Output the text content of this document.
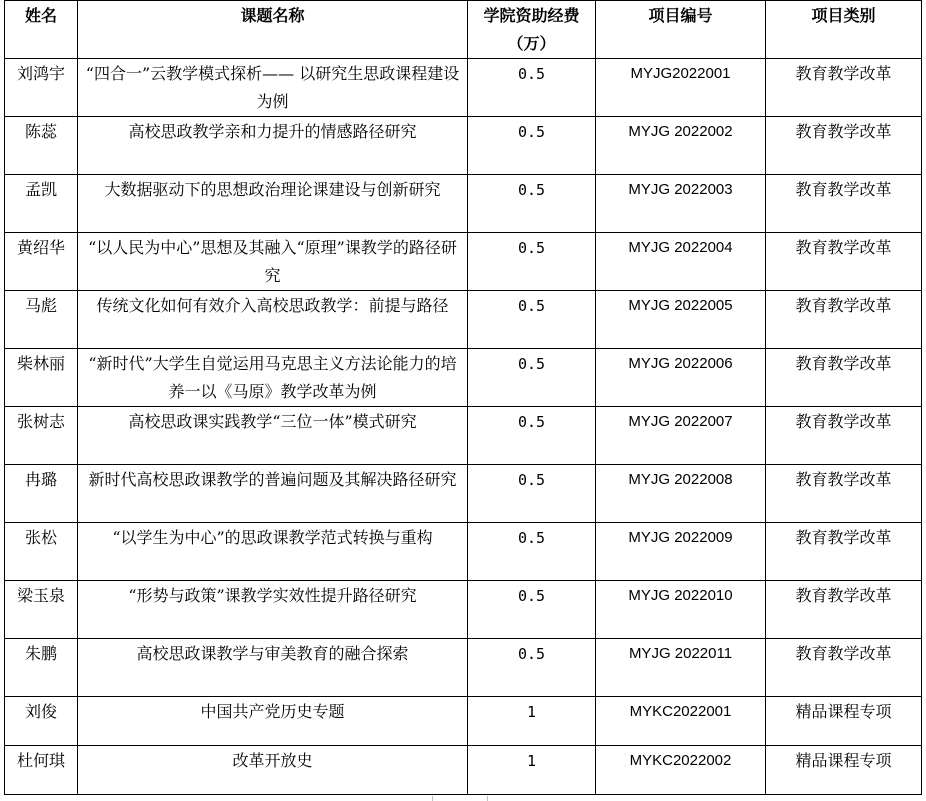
姓名	课题名称	学院资助经费（万）	项目编号	项目类别

刘鸿宇	“四合一”云教学模式探析—— 以研究生思政课程建设为例	0.5	MYJG2022001	教育教学改革

陈蕊	高校思政教学亲和力提升的情感路径研究	0.5	MYJG 2022002	教育教学改革

孟凯	大数据驱动下的思想政治理论课建设与创新研究	0.5	MYJG 2022003	教育教学改革

黄绍华	“以人民为中心”思想及其融入“原理”课教学的路径研究	0.5	MYJG 2022004	教育教学改革

马彪	传统文化如何有效介入高校思政教学：前提与路径	0.5	MYJG 2022005	教育教学改革

柴林丽	“新时代”大学生自觉运用马克思主义方法论能力的培养一以《马原》教学改革为例	0.5	MYJG 2022006	教育教学改革

张树志	高校思政课实践教学“三位一体”模式研究	0.5	MYJG 2022007	教育教学改革

冉璐	新时代高校思政课教学的普遍问题及其解决路径研究	0.5	MYJG 2022008	教育教学改革

张松	“以学生为中心”的思政课教学范式转换与重构	0.5	MYJG 2022009	教育教学改革

梁玉泉	“形势与政策”课教学实效性提升路径研究	0.5	MYJG 2022010	教育教学改革

朱鹏	高校思政课教学与审美教育的融合探索	0.5	MYJG 2022011	教育教学改革

刘俊	中国共产党历史专题	1	MYKC2022001	精品课程专项

杜何琪	改革开放史	1	MYKC2022002	精品课程专项
